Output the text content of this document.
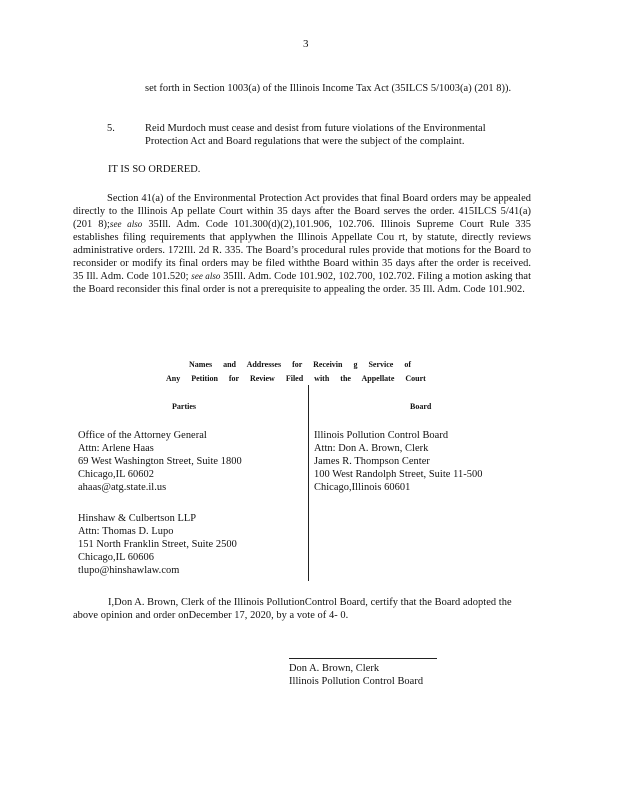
3
set forth in Section 1003(a) of the Illinois Income Tax Act (35ILCS 5/1003(a) (201 8)).
5.	Reid Murdoch must cease and desist from future violations of the Environmental Protection Act and Board regulations that were the subject of the complaint.
IT IS SO ORDERED.
Section 41(a) of the Environmental Protection Act provides that final Board orders may be appealed directly to the Illinois Ap pellate Court within 35 days after the Board serves the order. 415ILCS 5/41(a) (201 8);see also 35Ill. Adm. Code 101.300(d)(2),101.906, 102.706. Illinois Supreme Court Rule 335 establishes filing requirements that applywhen the Illinois Appellate Cou rt, by statute, directly reviews administrative orders. 172Ill. 2d R. 335. The Board’s procedural rules provide that motions for the Board to reconsider or modify its final orders may be filed withthe Board within 35 days after the order is received. 35 Ill. Adm. Code 101.520; see also 35Ill. Adm. Code 101.902, 102.700, 102.702. Filing a motion asking that the Board reconsider this final order is not a prerequisite to appealing the order. 35 Ill. Adm. Code 101.902.
Names and Addresses for Receivin g Service of
Any Petition for Review Filed with the Appellate Court
Parties	Board
Office of the Attorney General
Attn: Arlene Haas
69 West Washington Street, Suite 1800
Chicago,IL 60602
ahaas@atg.state.il.us
Hinshaw & Culbertson LLP
Attn: Thomas D. Lupo
151 North Franklin Street, Suite 2500
Chicago,IL 60606
tlupo@hinshawlaw.com
Illinois Pollution Control Board
Attn: Don A. Brown, Clerk
James R. Thompson Center
100 West Randolph Street, Suite 11-500
Chicago,Illinois 60601
I,Don A. Brown, Clerk of the Illinois PollutionControl Board, certify that the Board adopted the above opinion and order onDecember 17, 2020, by a vote of 4- 0.
Don A. Brown, Clerk
Illinois Pollution Control Board
